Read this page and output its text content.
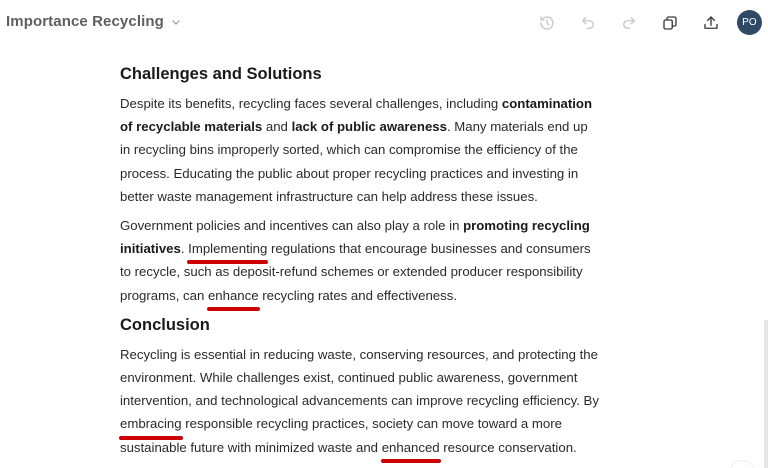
Importance Recycling	PO
Challenges and Solutions

Despite its benefits, recycling faces several challenges, including contamination of recyclable materials and lack of public awareness. Many materials end up in recycling bins improperly sorted, which can compromise the efficiency of the process. Educating the public about proper recycling practices and investing in better waste management infrastructure can help address these issues.

Government policies and incentives can also play a role in promoting recycling initiatives. Implementing regulations that encourage businesses and consumers to recycle, such as deposit-refund schemes or extended producer responsibility programs, can enhance recycling rates and effectiveness.

Conclusion

Recycling is essential in reducing waste, conserving resources, and protecting the environment. While challenges exist, continued public awareness, government intervention, and technological advancements can improve recycling efficiency. By embracing responsible recycling practices, society can move toward a more sustainable future with minimized waste and enhanced resource conservation.
